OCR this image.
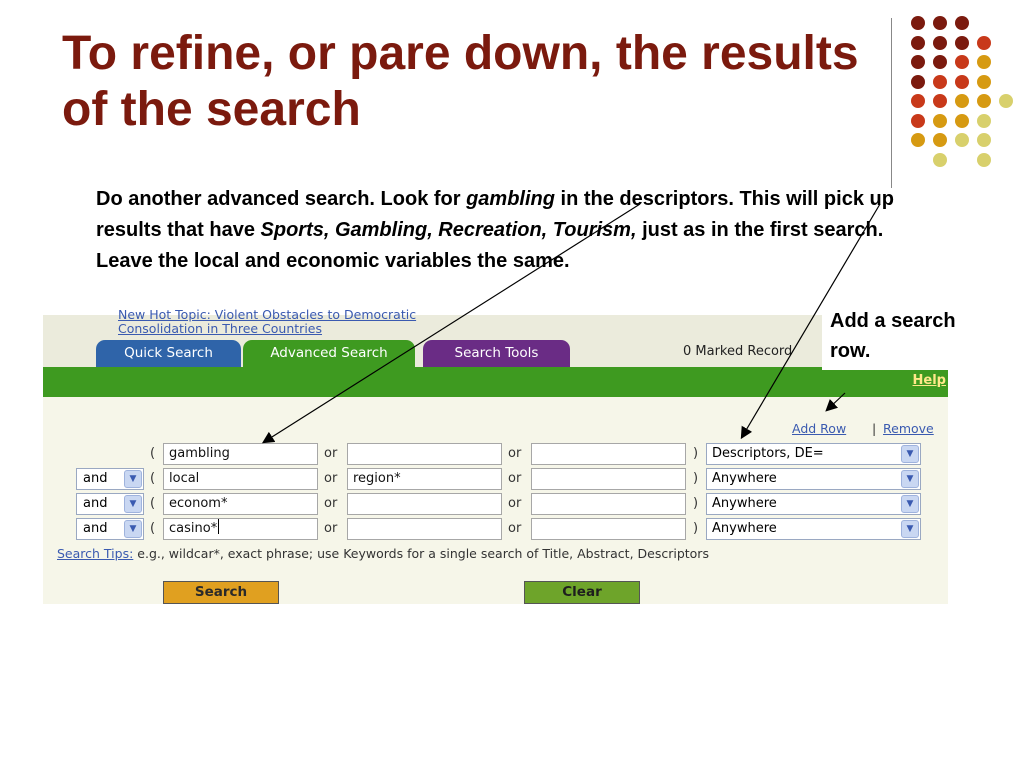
To refine, or pare down, the results of the search
Do another advanced search. Look for gambling in the descriptors. This will pick up results that have Sports, Gambling, Recreation, Tourism, just as in the first search. Leave the local and economic variables the same.
Add a search row.
New Hot Topic: Violent Obstacles to Democratic
Consolidation in Three Countries
Quick Search	Advanced Search	Search Tools	0 Marked Record
Help
Add Row | Remove
(	gambling	or	or	)	Descriptors, DE=	▼
and	▼	(	local	or	region*	or	)	Anywhere	▼
and	▼	(	econom*	or	or	)	Anywhere	▼
and	▼	(	casino*	or	or	)	Anywhere	▼
Search Tips: e.g., wildcar*, exact phrase; use Keywords for a single search of Title, Abstract, Descriptors
Search	Clear
